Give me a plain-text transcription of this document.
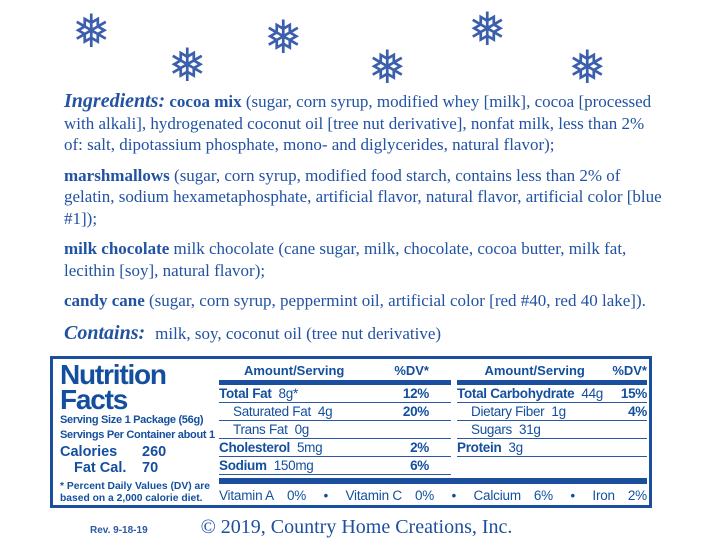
❅
❅
❅
❅
❅
❅

Ingredients: cocoa mix (sugar, corn syrup, modified whey [milk], cocoa [processed with alkali], hydrogenated coconut oil [tree nut derivative], nonfat milk, less than 2% of: salt, dipotassium phosphate, mono- and diglycerides, natural flavor);

marshmallows (sugar, corn syrup, modified food starch, contains less than 2% of gelatin, sodium hexametaphosphate, artificial flavor, natural flavor, artificial color [blue #1]);

milk chocolate milk chocolate (cane sugar, milk, chocolate, cocoa butter, milk fat, lecithin [soy], natural flavor);

candy cane (sugar, corn syrup, peppermint oil, artificial color [red #40, red 40 lake]).

Contains: milk, soy, coconut oil (tree nut derivative)
Nutrition
Facts
Serving Size 1 Package (56g)
Servings Per Container about 1
Calories	260
Fat Cal.	70
* Percent Daily Values (DV) are based on a 2,000 calorie diet.
Amount/Serving	%DV*
Total Fat 8g*	12%
Saturated Fat 4g	20%
Trans Fat 0g
Cholesterol 5mg	2%
Sodium 150mg	6%
Amount/Serving %DV*
Total Carbohydrate 44g 15%
Dietary Fiber 1g	4%
Sugars 31g
Protein 3g
Vitamin A 0% • Vitamin C 0% • Calcium 6% • Iron 2%
Rev. 9-18-19	© 2019, Country Home Creations, Inc.
